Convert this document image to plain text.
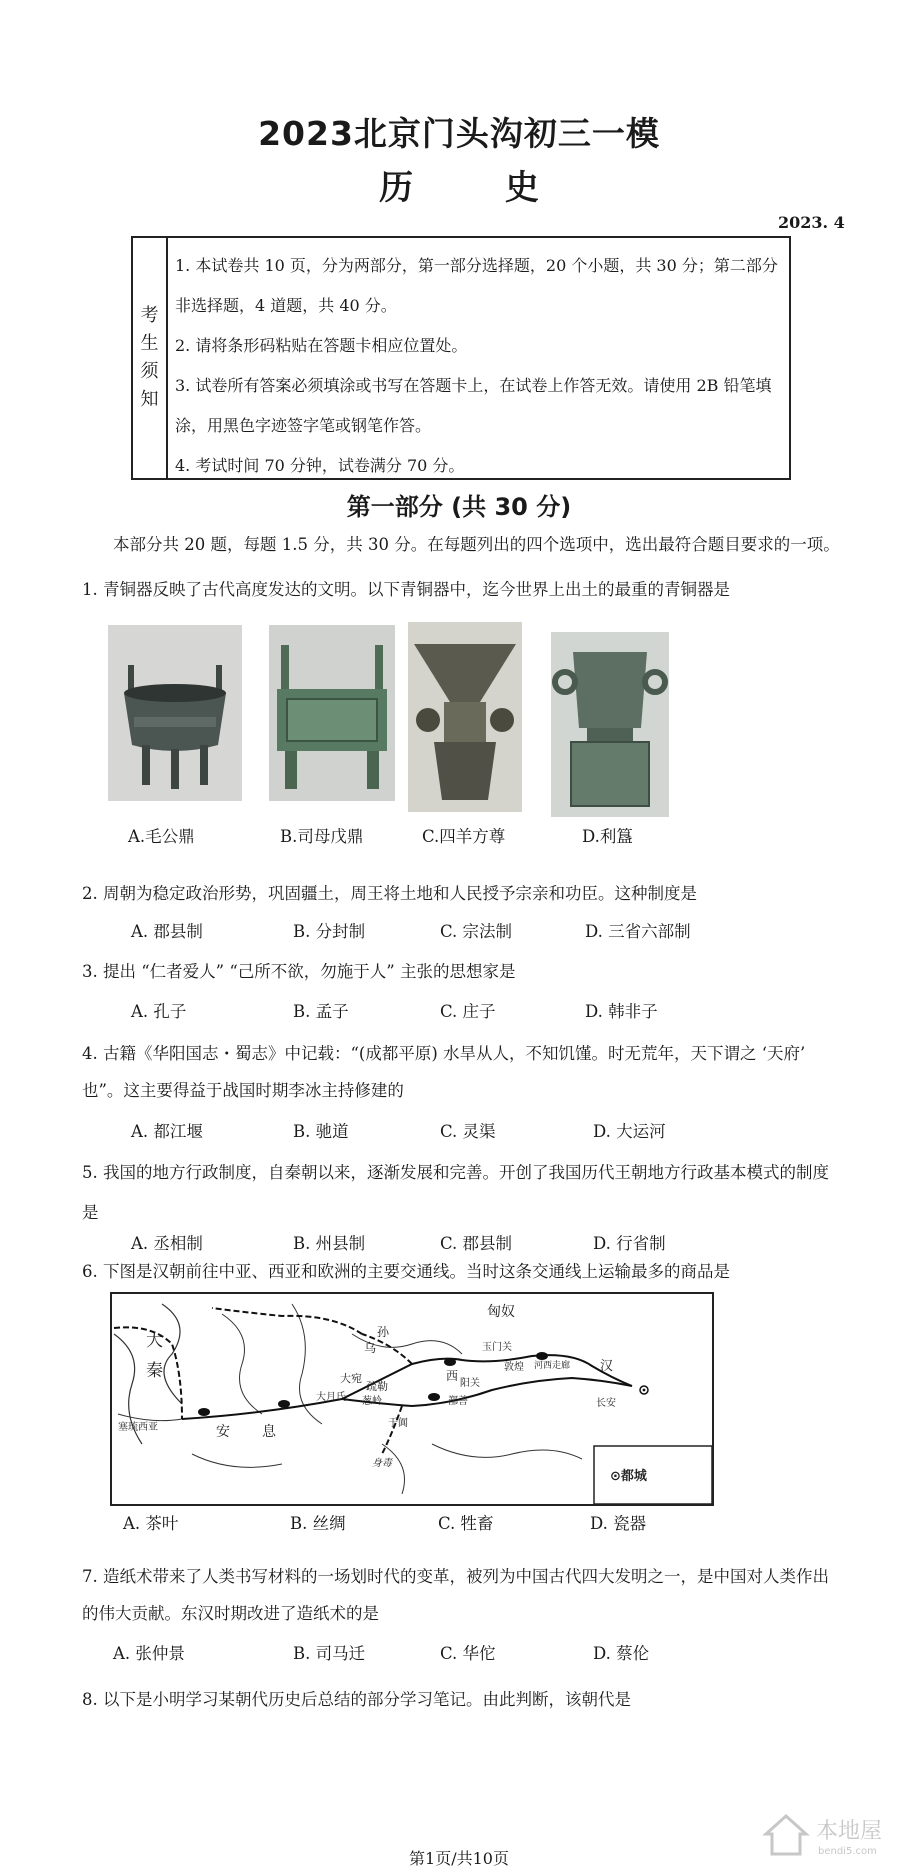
2023北京门头沟初三一模
历 史
2023. 4
考
生
须
知
1. 本试卷共 10 页，分为两部分，第一部分选择题，20 个小题，共 30 分；第二部分
非选择题，4 道题，共 40 分。
2. 请将条形码粘贴在答题卡相应位置处。
3. 试卷所有答案必须填涂或书写在答题卡上，在试卷上作答无效。请使用 2B 铅笔填
涂，用黑色字迹签字笔或钢笔作答。
4. 考试时间 70 分钟，试卷满分 70 分。
第一部分 (共 30 分)
本部分共 20 题，每题 1.5 分，共 30 分。在每题列出的四个选项中，选出最符合题目要求的一项。
1. 青铜器反映了古代高度发达的文明。以下青铜器中，迄今世界上出土的最重的青铜器是
A.毛公鼎	B.司母戊鼎	C.四羊方尊	D.利簋
2. 周朝为稳定政治形势，巩固疆土，周王将土地和人民授予宗亲和功臣。这种制度是
A. 郡县制	B. 分封制	C. 宗法制	D. 三省六部制
3. 提出 “仁者爱人” “己所不欲，勿施于人” 主张的思想家是
A. 孔子	B. 孟子	C. 庄子	D. 韩非子
4. 古籍《华阳国志・蜀志》中记载：“(成都平原) 水旱从人，不知饥馑。时无荒年，天下谓之 ‘天府’
也”。这主要得益于战国时期李冰主持修建的
A. 都江堰	B. 驰道	C. 灵渠	D. 大运河
5. 我国的地方行政制度，自秦朝以来，逐渐发展和完善。开创了我国历代王朝地方行政基本模式的制度
是
A. 丞相制	B. 州县制	C. 郡县制	D. 行省制
6. 下图是汉朝前往中亚、西亚和欧洲的主要交通线。当时这条交通线上运输最多的商品是
匈奴
孙
乌	玉门关
敦煌 河西走廊 汉
长安
大宛
疏勒
西
阳关
大
秦
大月氏 葱岭	鄯善
于阗
塞琉西亚	安 息
身毒
⊙都城
A. 茶叶	B. 丝绸	C. 牲畜	D. 瓷器
7. 造纸术带来了人类书写材料的一场划时代的变革，被列为中国古代四大发明之一，是中国对人类作出
的伟大贡献。东汉时期改进了造纸术的是
A. 张仲景	B. 司马迁	C. 华佗	D. 蔡伦
8. 以下是小明学习某朝代历史后总结的部分学习笔记。由此判断，该朝代是
第1页/共10页
本地屋
bendi5.com
